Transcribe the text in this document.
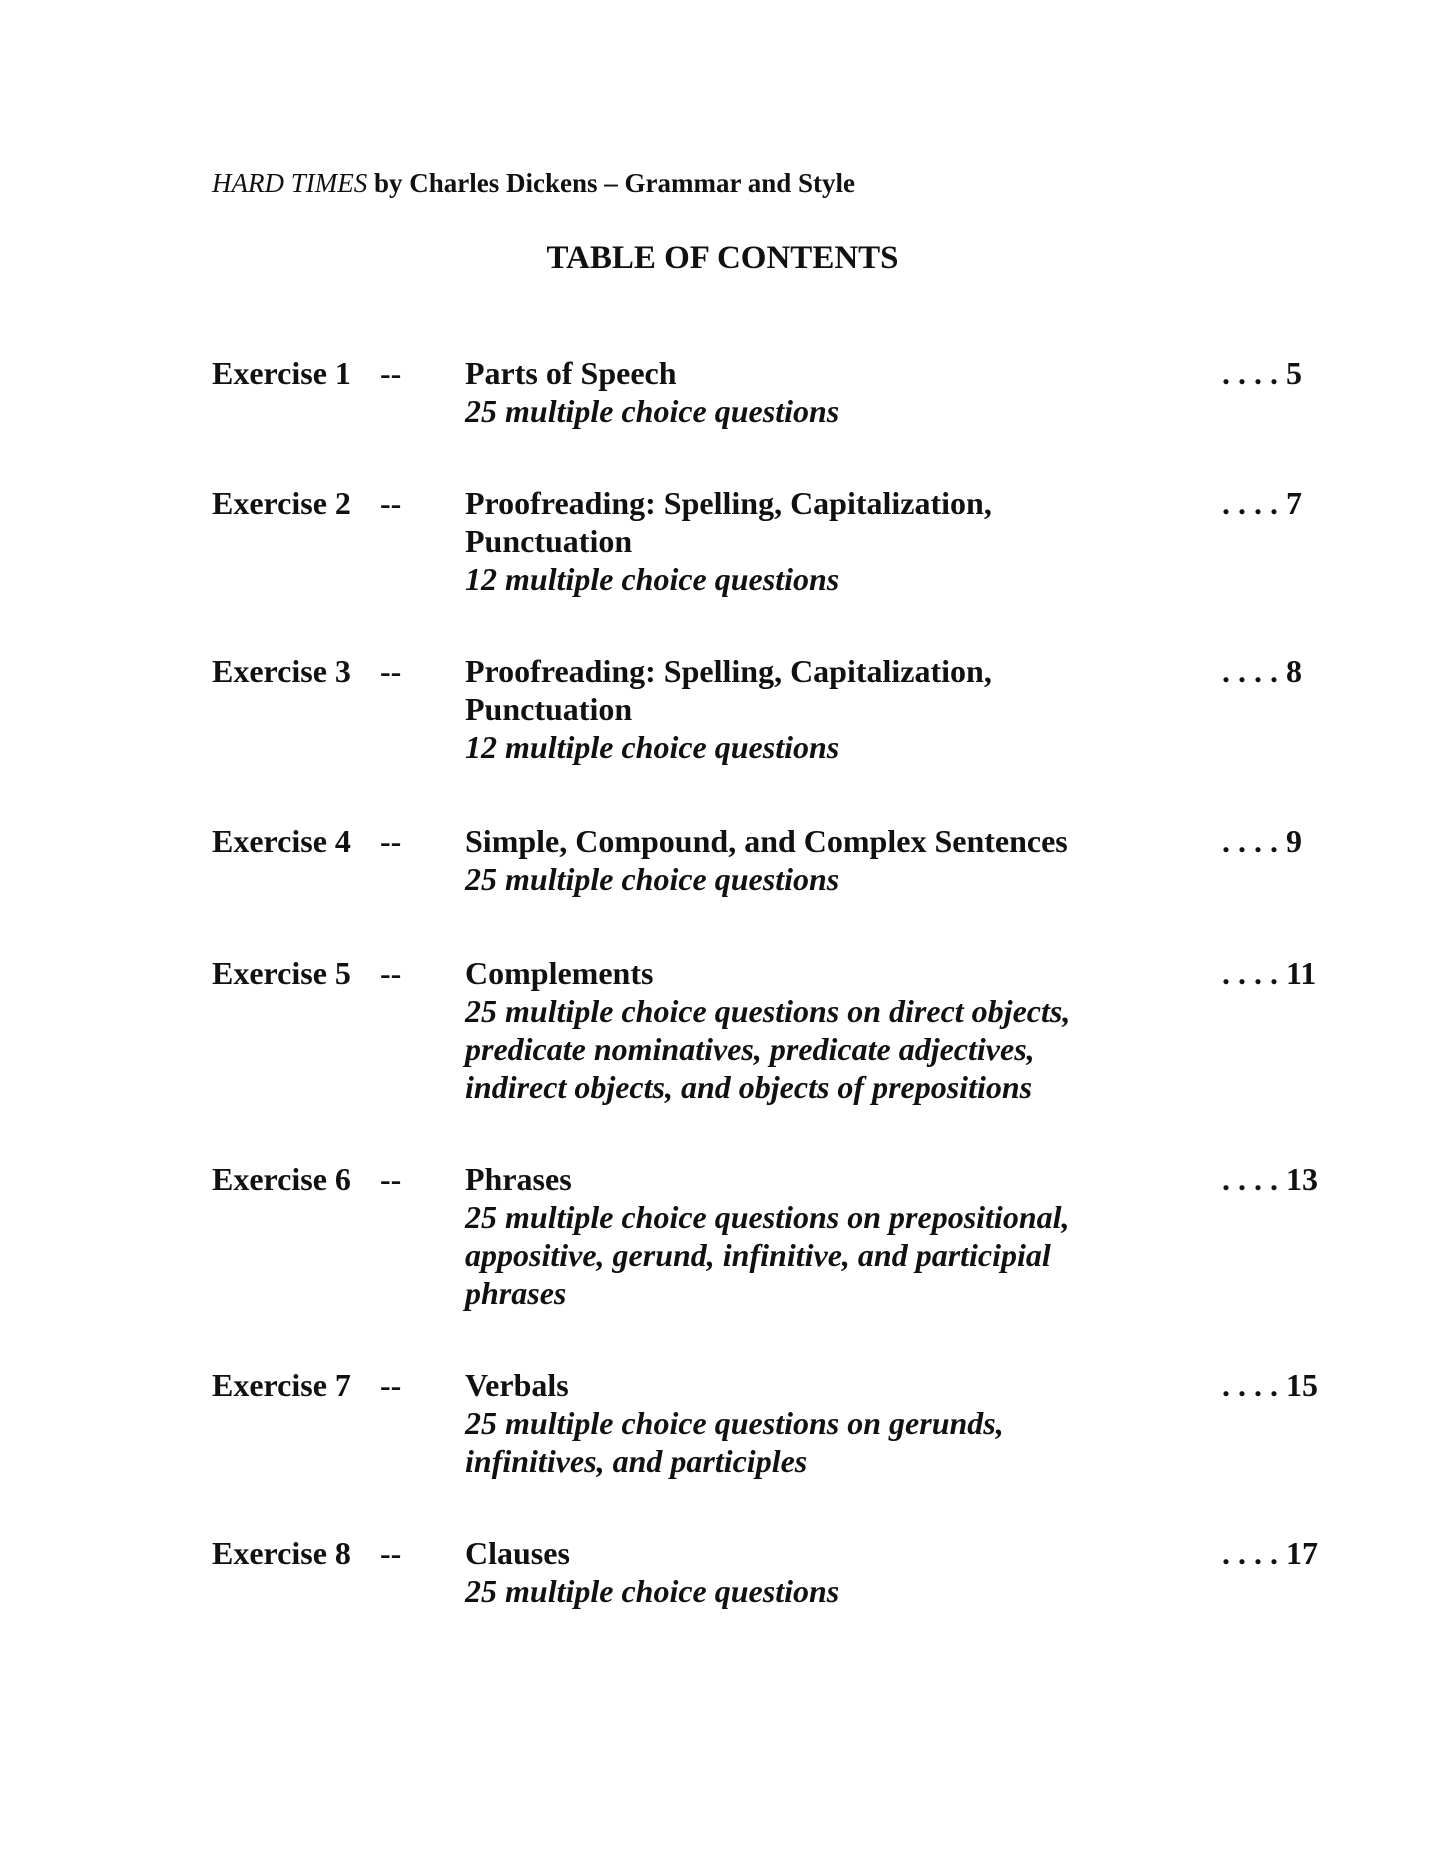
HARD TIMES by Charles Dickens – Grammar and Style
TABLE OF CONTENTS
Exercise 1 -- Parts of Speech
25 multiple choice questions
. . . . 5
Exercise 2 -- Proofreading: Spelling, Capitalization, Punctuation
12 multiple choice questions
. . . . 7
Exercise 3 -- Proofreading: Spelling, Capitalization, Punctuation
12 multiple choice questions
. . . . 8
Exercise 4 -- Simple, Compound, and Complex Sentences
25 multiple choice questions
. . . . 9
Exercise 5 -- Complements
25 multiple choice questions on direct objects, predicate nominatives, predicate adjectives, indirect objects, and objects of prepositions
. . . . 11
Exercise 6 -- Phrases
25 multiple choice questions on prepositional, appositive, gerund, infinitive, and participial phrases
. . . . 13
Exercise 7 -- Verbals
25 multiple choice questions on gerunds, infinitives, and participles
. . . . 15
Exercise 8 -- Clauses
25 multiple choice questions
. . . . 17
